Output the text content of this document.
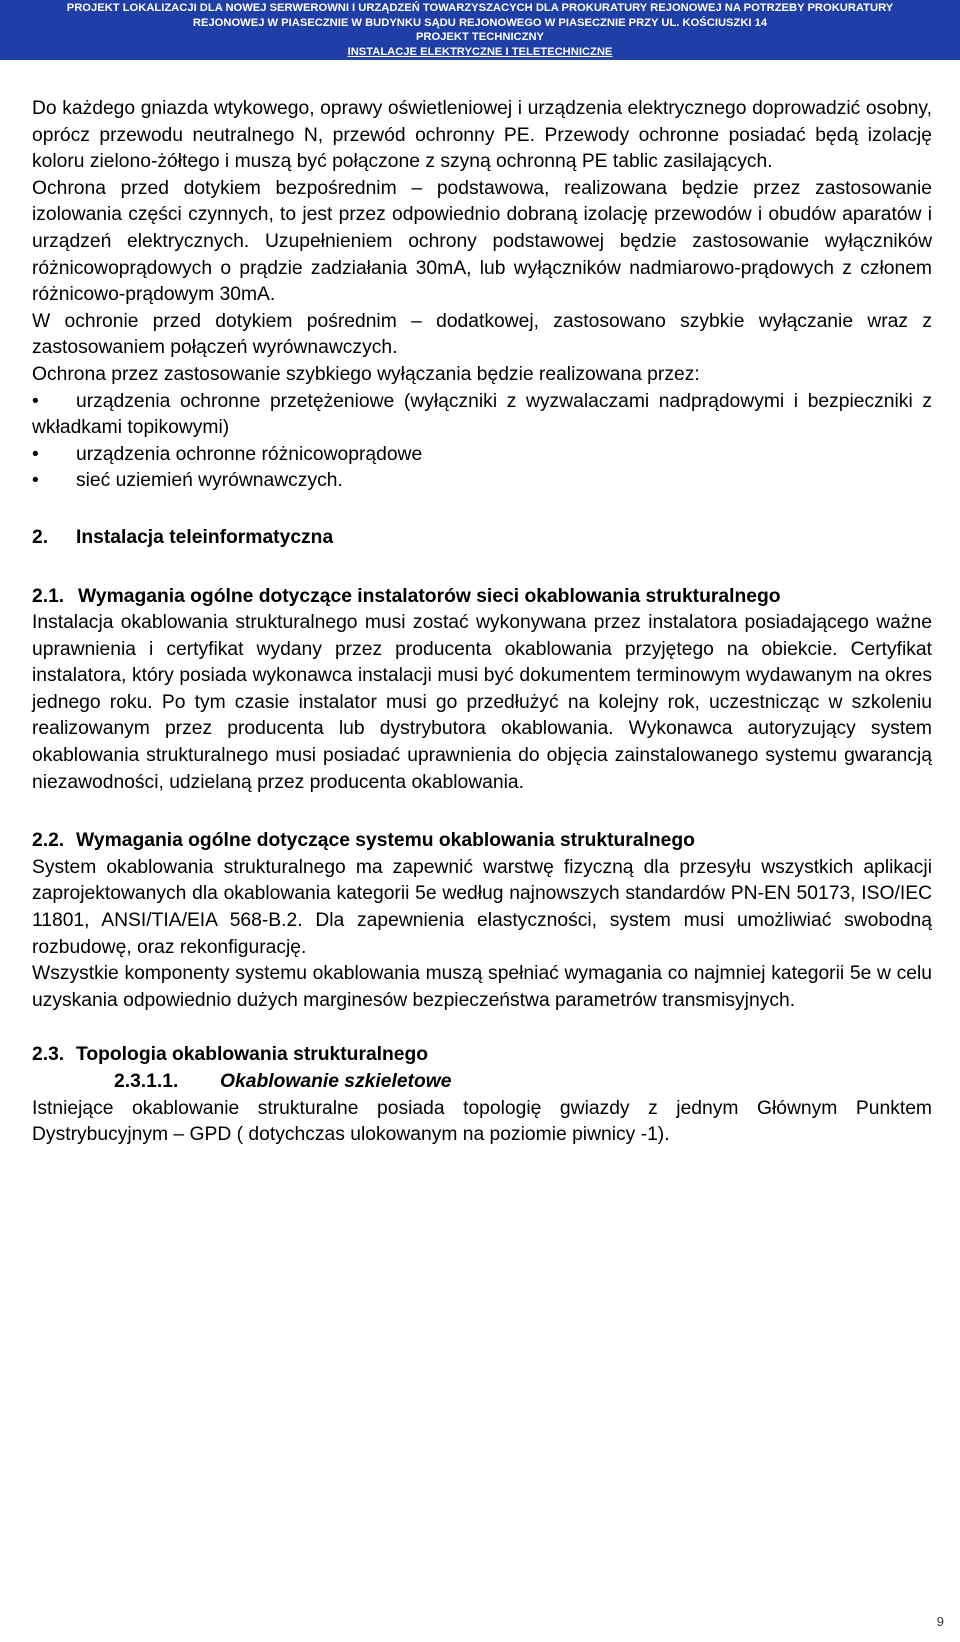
PROJEKT LOKALIZACJI DLA NOWEJ SERWEROWNI I URZĄDZEŃ TOWARZYSZACYCH DLA PROKURATURY REJONOWEJ NA POTRZEBY PROKURATURY
REJONOWEJ W PIASECZNIE W BUDYNKU SĄDU REJONOWEGO W PIASECZNIE PRZY UL. KOŚCIUSZKI 14
PROJEKT TECHNICZNY
INSTALACJE ELEKTRYCZNE I TELETECHNICZNE

Do każdego gniazda wtykowego, oprawy oświetleniowej i urządzenia elektrycznego doprowadzić osobny, oprócz przewodu neutralnego N, przewód ochronny PE. Przewody ochronne posiadać będą izolację koloru zielono-żółtego i muszą być połączone z szyną ochronną PE tablic zasilających.

Ochrona przed dotykiem bezpośrednim – podstawowa, realizowana będzie przez zastosowanie izolowania części czynnych, to jest przez odpowiednio dobraną izolację przewodów i obudów aparatów i urządzeń elektrycznych. Uzupełnieniem ochrony podstawowej będzie zastosowanie wyłączników różnicowoprądowych o prądzie zadziałania 30mA, lub wyłączników nadmiarowo-prądowych z członem różnicowo-prądowym 30mA.

W ochronie przed dotykiem pośrednim – dodatkowej, zastosowano szybkie wyłączanie wraz z zastosowaniem połączeń wyrównawczych.

Ochrona przez zastosowanie szybkiego wyłączania będzie realizowana przez:

• urządzenia ochronne przetężeniowe (wyłączniki z wyzwalaczami nadprądowymi i bezpieczniki z wkładkami topikowymi)
• urządzenia ochronne różnicowoprądowe
• sieć uziemień wyrównawczych.
2.	Instalacja teleinformatyczna
2.1. Wymagania ogólne dotyczące instalatorów sieci okablowania strukturalnego

Instalacja okablowania strukturalnego musi zostać wykonywana przez instalatora posiadającego ważne uprawnienia i certyfikat wydany przez producenta okablowania przyjętego na obiekcie. Certyfikat instalatora, który posiada wykonawca instalacji musi być dokumentem terminowym wydawanym na okres jednego roku. Po tym czasie instalator musi go przedłużyć na kolejny rok, uczestnicząc w szkoleniu realizowanym przez producenta lub dystrybutora okablowania. Wykonawca autoryzujący system okablowania strukturalnego musi posiadać uprawnienia do objęcia zainstalowanego systemu gwarancją niezawodności, udzielaną przez producenta okablowania.

2.2. Wymagania ogólne dotyczące systemu okablowania strukturalnego

System okablowania strukturalnego ma zapewnić warstwę fizyczną dla przesyłu wszystkich aplikacji zaprojektowanych dla okablowania kategorii 5e według najnowszych standardów PN-EN 50173, ISO/IEC 11801, ANSI/TIA/EIA 568-B.2. Dla zapewnienia elastyczności, system musi umożliwiać swobodną rozbudowę, oraz rekonfigurację.

Wszystkie komponenty systemu okablowania muszą spełniać wymagania co najmniej kategorii 5e w celu uzyskania odpowiednio dużych marginesów bezpieczeństwa parametrów transmisyjnych.

2.3. Topologia okablowania strukturalnego
2.3.1.1.	Okablowanie szkieletowe

Istniejące okablowanie strukturalne posiada topologię gwiazdy z jednym Głównym Punktem Dystrybucyjnym – GPD ( dotychczas ulokowanym na poziomie piwnicy -1).

9
